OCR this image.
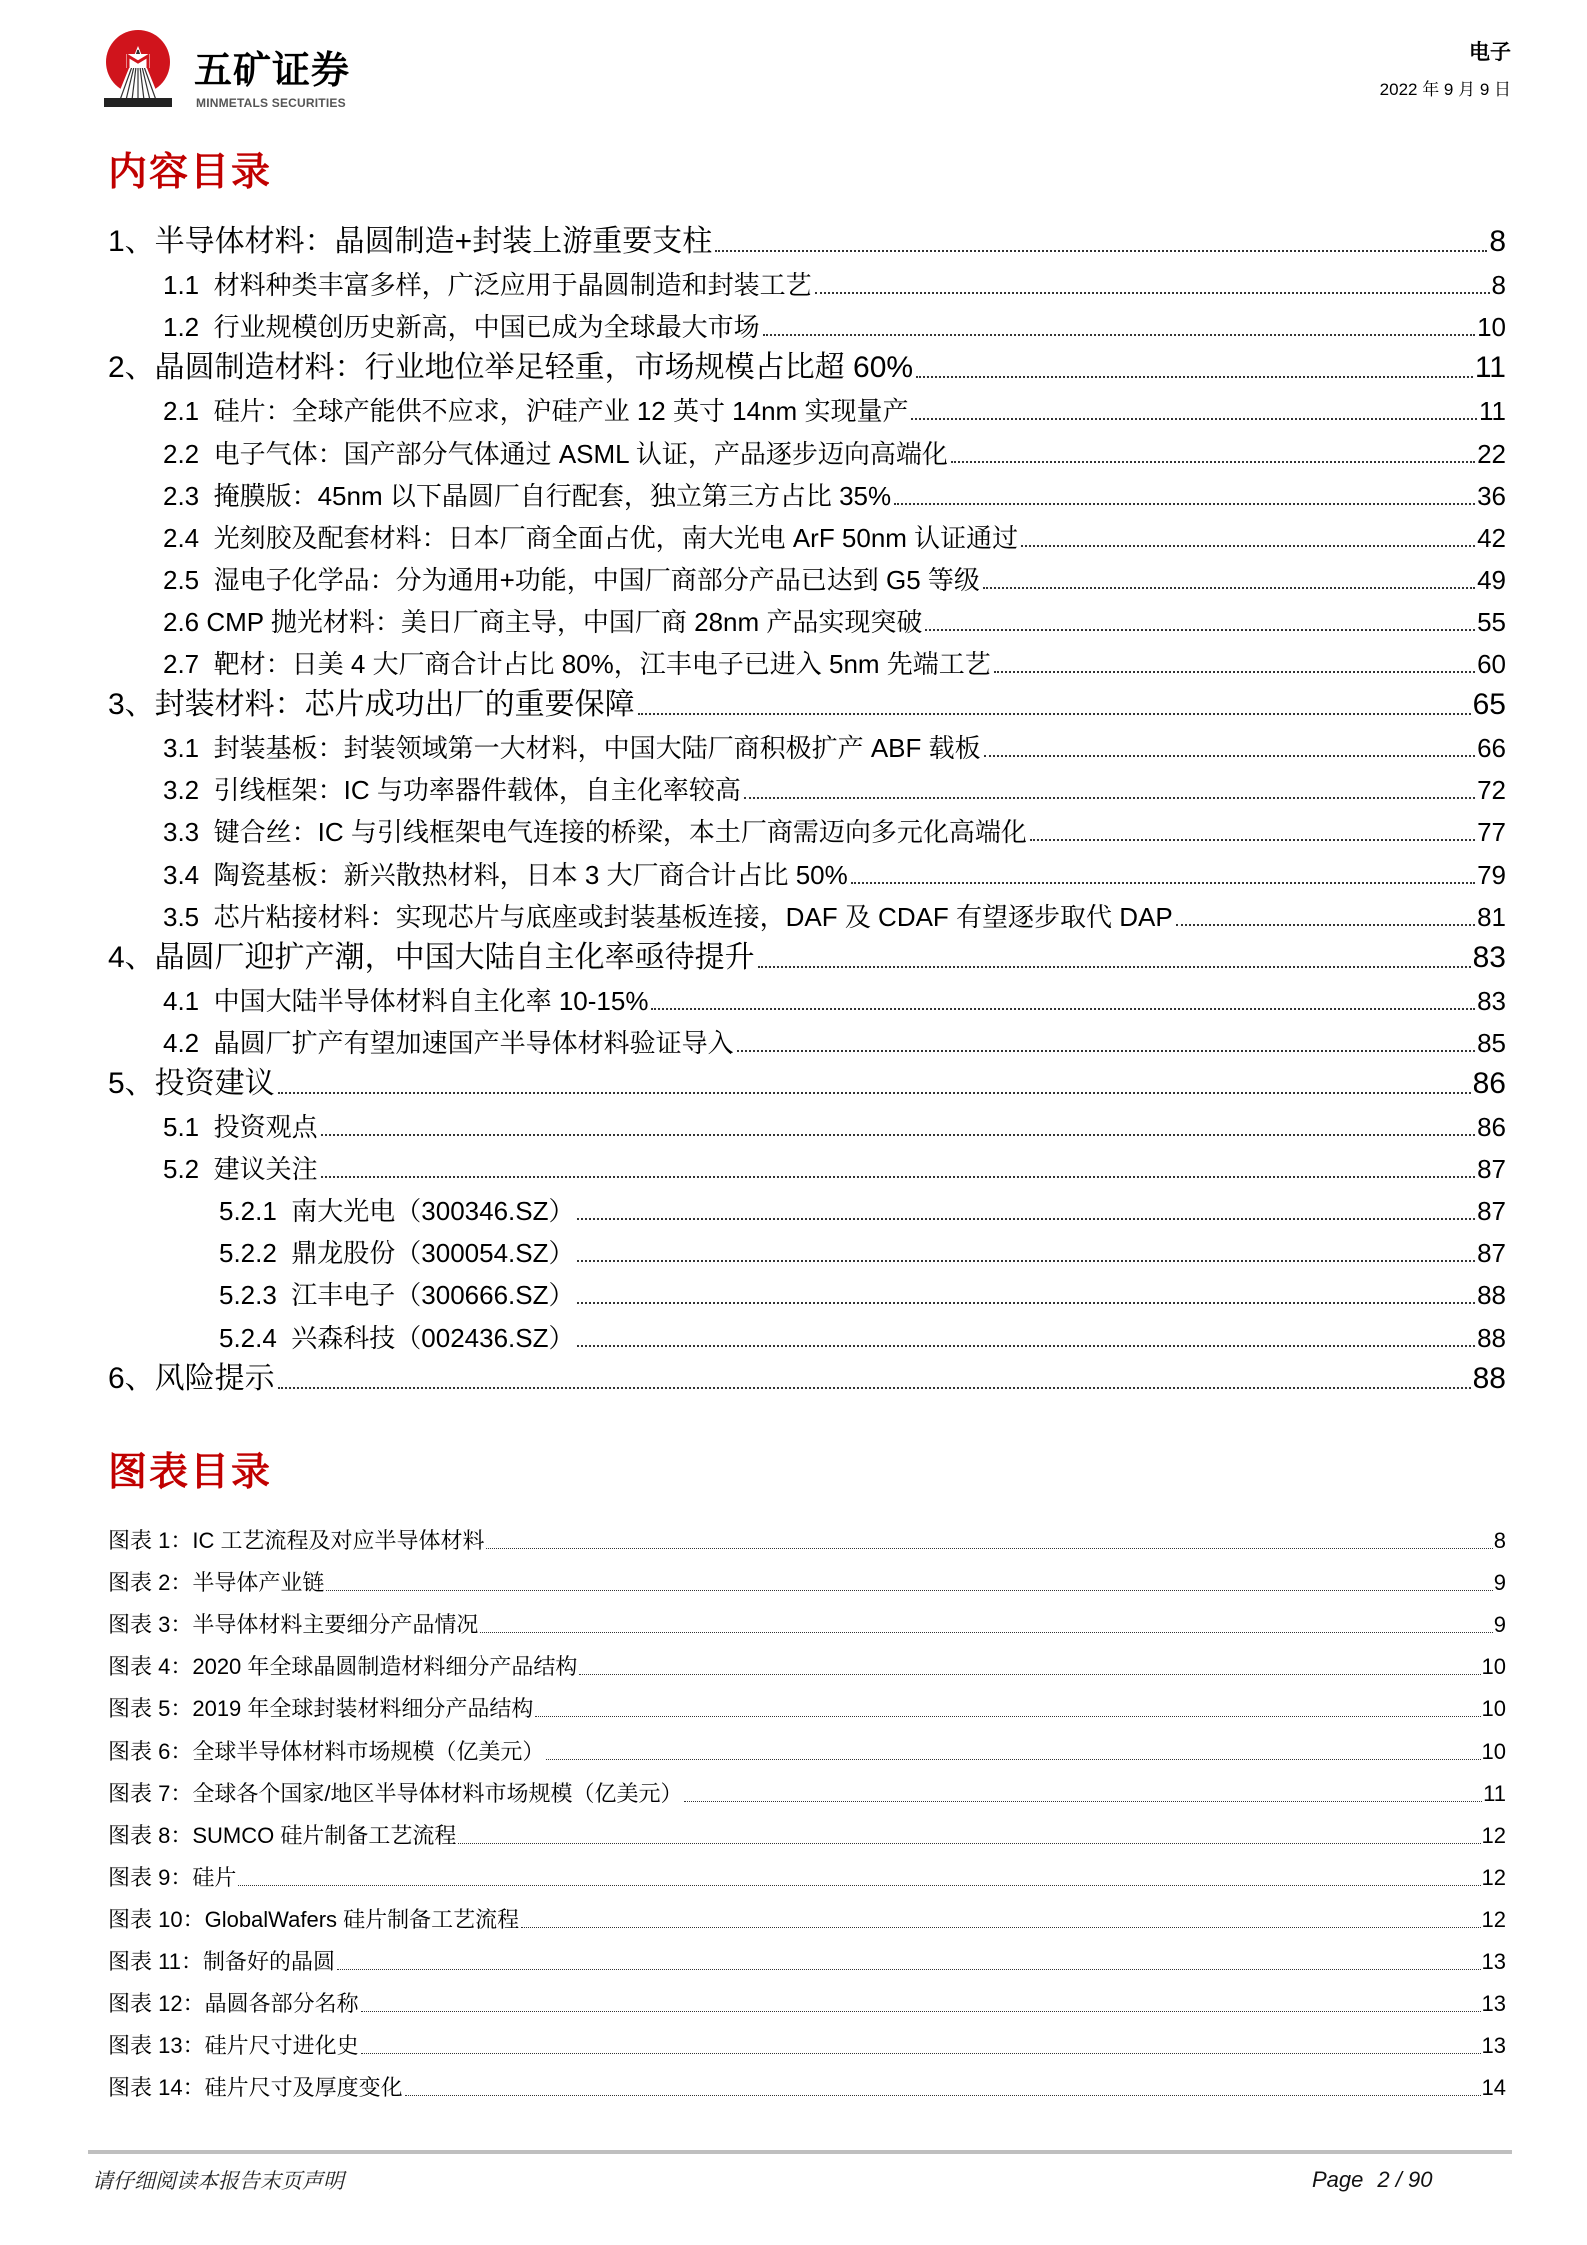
五矿证券
MINMETALS SECURITIES
电子
2022 年 9 月 9 日
内容目录
1、半导体材料：晶圆制造+封装上游重要支柱	8
1.1  材料种类丰富多样，广泛应用于晶圆制造和封装工艺	8
1.2  行业规模创历史新高，中国已成为全球最大市场	10
2、晶圆制造材料：行业地位举足轻重，市场规模占比超 60%	11
2.1  硅片：全球产能供不应求，沪硅产业 12 英寸 14nm 实现量产	11
2.2  电子气体：国产部分气体通过 ASML 认证，产品逐步迈向高端化	22
2.3  掩膜版：45nm 以下晶圆厂自行配套，独立第三方占比 35%	36
2.4  光刻胶及配套材料：日本厂商全面占优，南大光电 ArF 50nm 认证通过	42
2.5  湿电子化学品：分为通用+功能，中国厂商部分产品已达到 G5 等级	49
2.6 CMP 抛光材料：美日厂商主导，中国厂商 28nm 产品实现突破	55
2.7  靶材：日美 4 大厂商合计占比 80%，江丰电子已进入 5nm 先端工艺	60
3、封装材料：芯片成功出厂的重要保障	65
3.1  封装基板：封装领域第一大材料，中国大陆厂商积极扩产 ABF 载板	66
3.2  引线框架：IC 与功率器件载体，自主化率较高	72
3.3  键合丝：IC 与引线框架电气连接的桥梁，本土厂商需迈向多元化高端化	77
3.4  陶瓷基板：新兴散热材料，日本 3 大厂商合计占比 50%	79
3.5  芯片粘接材料：实现芯片与底座或封装基板连接，DAF 及 CDAF 有望逐步取代 DAP	81
4、晶圆厂迎扩产潮，中国大陆自主化率亟待提升	83
4.1  中国大陆半导体材料自主化率 10-15%	83
4.2  晶圆厂扩产有望加速国产半导体材料验证导入	85
5、投资建议	86
5.1  投资观点	86
5.2  建议关注	87
5.2.1  南大光电（300346.SZ）	87
5.2.2  鼎龙股份（300054.SZ）	87
5.2.3  江丰电子（300666.SZ）	88
5.2.4  兴森科技（002436.SZ）	88
6、风险提示	88
图表目录
图表 1：IC 工艺流程及对应半导体材料	8
图表 2：半导体产业链	9
图表 3：半导体材料主要细分产品情况	9
图表 4：2020 年全球晶圆制造材料细分产品结构	10
图表 5：2019 年全球封装材料细分产品结构	10
图表 6：全球半导体材料市场规模（亿美元）	10
图表 7：全球各个国家/地区半导体材料市场规模（亿美元）	11
图表 8：SUMCO 硅片制备工艺流程	12
图表 9：硅片	12
图表 10：GlobalWafers 硅片制备工艺流程	12
图表 11：制备好的晶圆	13
图表 12：晶圆各部分名称	13
图表 13：硅片尺寸进化史	13
图表 14：硅片尺寸及厚度变化	14
请仔细阅读本报告末页声明	Page 2 / 90
